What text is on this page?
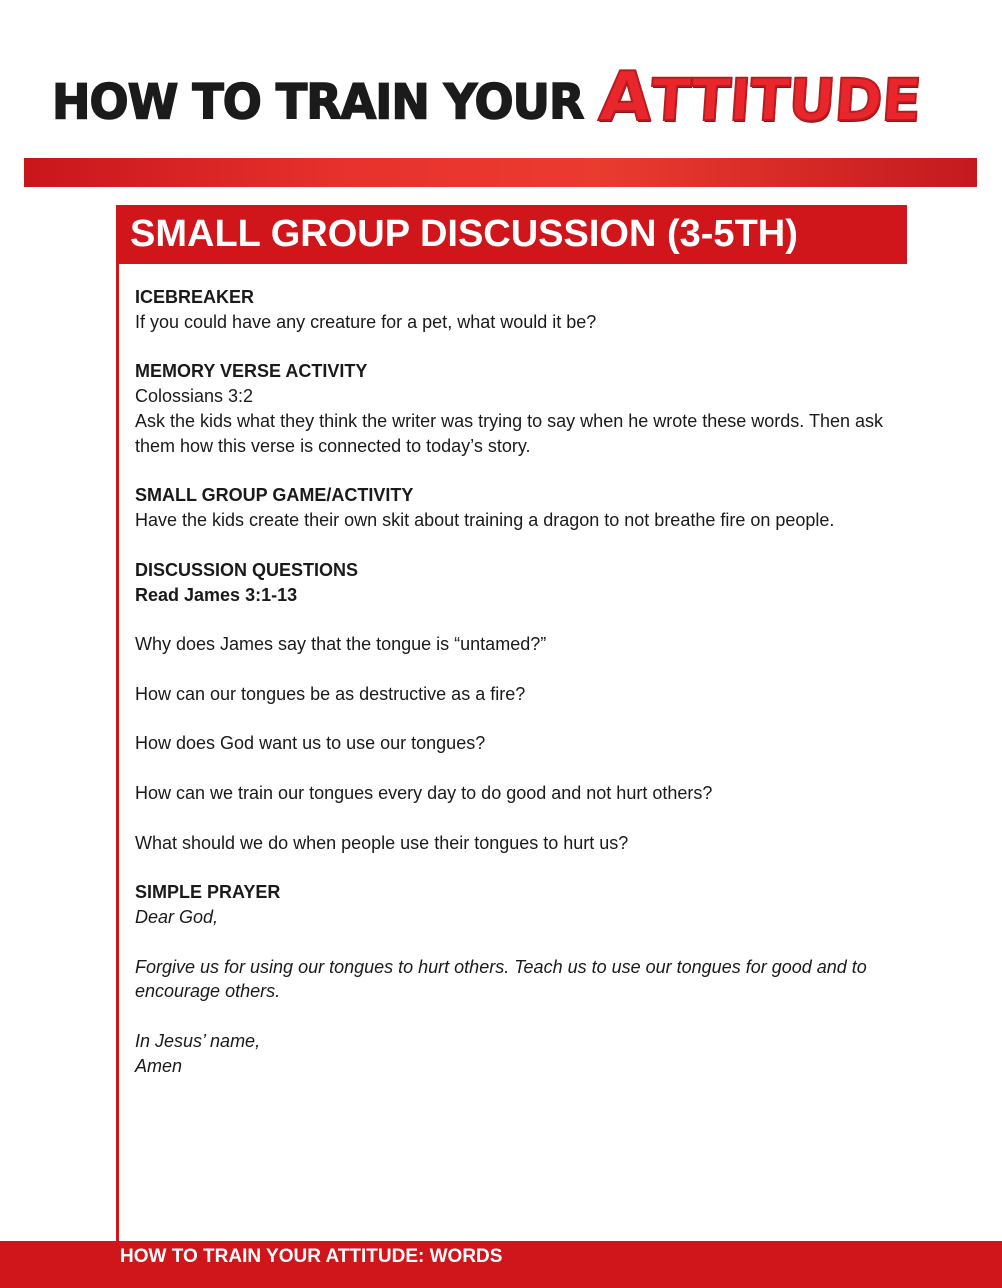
HOW TO TRAIN YOUR ATTITUDE
SMALL GROUP DISCUSSION (3-5TH)

ICEBREAKER

If you could have any creature for a pet, what would it be?

MEMORY VERSE ACTIVITY

Colossians 3:2

Ask the kids what they think the writer was trying to say when he wrote these words. Then ask them how this verse is connected to today’s story.

SMALL GROUP GAME/ACTIVITY

Have the kids create their own skit about training a dragon to not breathe fire on people.

DISCUSSION QUESTIONS

Read James 3:1-13

Why does James say that the tongue is “untamed?”

How can our tongues be as destructive as a fire?

How does God want us to use our tongues?

How can we train our tongues every day to do good and not hurt others?

What should we do when people use their tongues to hurt us?

SIMPLE PRAYER

Dear God,

Forgive us for using our tongues to hurt others. Teach us to use our tongues for good and to encourage others.

In Jesus’ name,

Amen

HOW TO TRAIN YOUR ATTITUDE: WORDS
